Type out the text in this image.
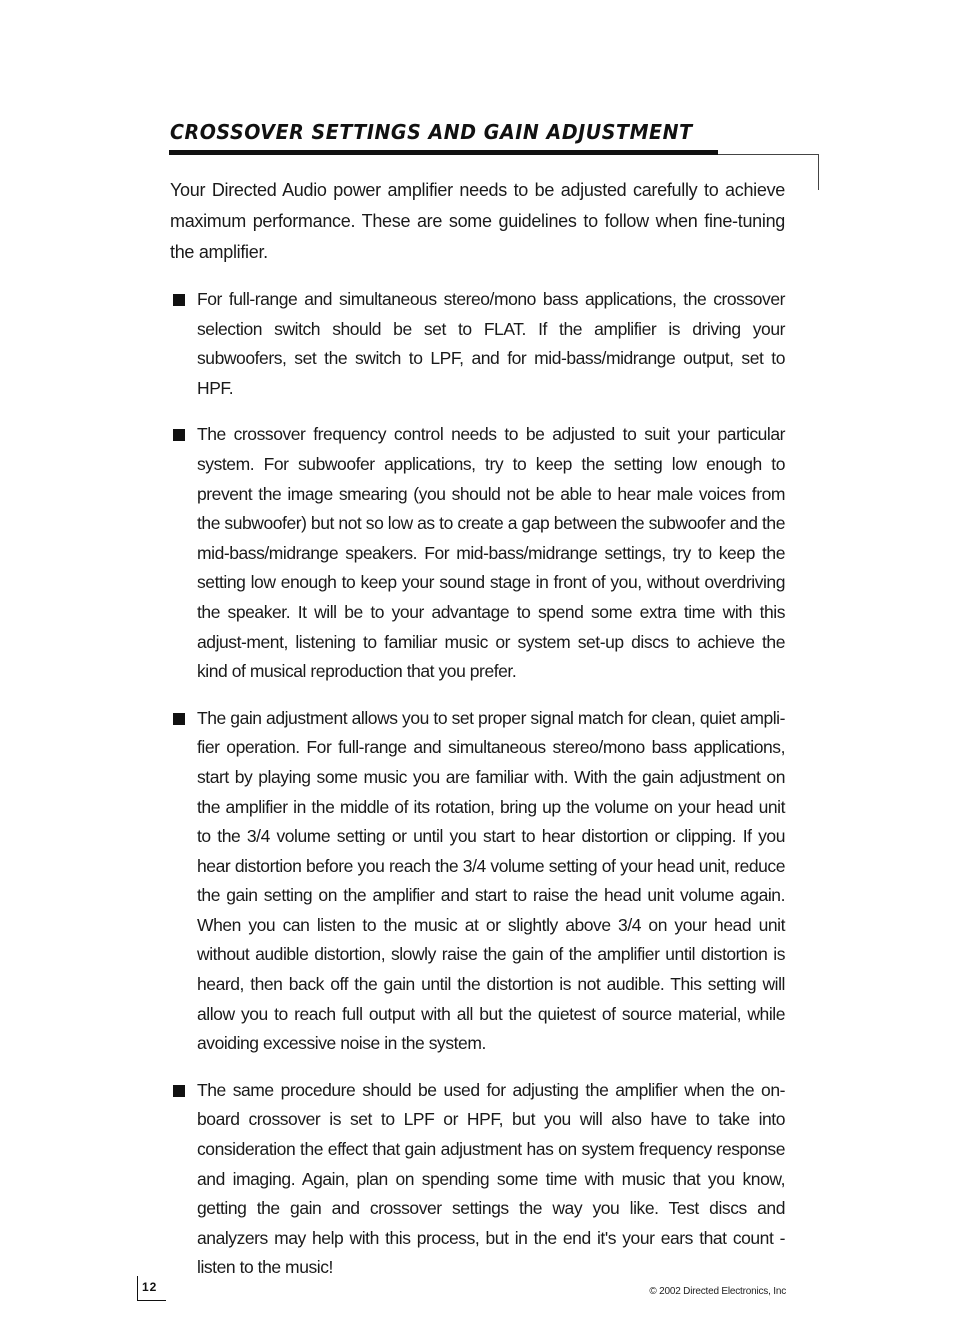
CROSSOVER SETTINGS AND GAIN ADJUSTMENT

Your Directed Audio power amplifier needs to be adjusted carefully to achieve maximum performance. These are some guidelines to follow when fine-tuning the amplifier.

For full-range and simultaneous stereo/mono bass applications, the crossover selection switch should be set to FLAT. If the amplifier is driving your subwoofers, set the switch to LPF, and for mid-bass/midrange output, set to HPF.
The crossover frequency control needs to be adjusted to suit your particular system. For subwoofer applications, try to keep the setting low enough to prevent the image smearing (you should not be able to hear male voices from the subwoofer) but not so low as to create a gap between the subwoofer and the mid-bass/midrange speakers. For mid-bass/midrange settings, try to keep the setting low enough to keep your sound stage in front of you, without overdriving the speaker. It will be to your advantage to spend some extra time with this adjust-ment, listening to familiar music or system set-up discs to achieve the kind of musical reproduction that you prefer.
The gain adjustment allows you to set proper signal match for clean, quiet ampli-fier operation. For full-range and simultaneous stereo/mono bass applications, start by playing some music you are familiar with. With the gain adjustment on the amplifier in the middle of its rotation, bring up the volume on your head unit to the 3/4 volume setting or until you start to hear distortion or clipping. If you hear distortion before you reach the 3/4 volume setting of your head unit, reduce the gain setting on the amplifier and start to raise the head unit volume again. When you can listen to the music at or slightly above 3/4 on your head unit without audible distortion, slowly raise the gain of the amplifier until distortion is heard, then back off the gain until the distortion is not audible. This setting will allow you to reach full output with all but the quietest of source material, while avoiding excessive noise in the system.
The same procedure should be used for adjusting the amplifier when the on-board crossover is set to LPF or HPF, but you will also have to take into consideration the effect that gain adjustment has on system frequency response and imaging. Again, plan on spending some time with music that you know, getting the gain and crossover settings the way you like. Test discs and analyzers may help with this process, but in the end it's your ears that count - listen to the music!
12	© 2002 Directed Electronics, Inc
